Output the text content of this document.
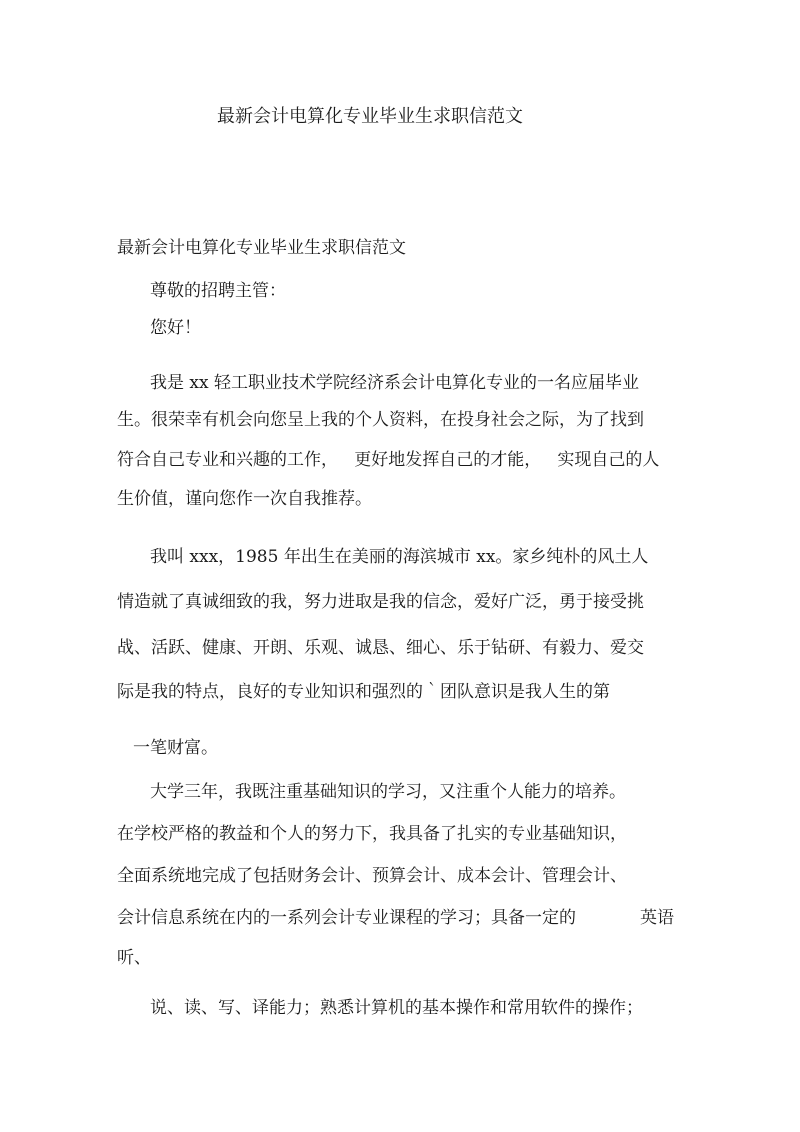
最新会计电算化专业毕业生求职信范文
最新会计电算化专业毕业生求职信范文
尊敬的招聘主管：
您好！
我是 xx 轻工职业技术学院经济系会计电算化专业的一名应届毕业
生。很荣幸有机会向您呈上我的个人资料，在投身社会之际，为了找到
符合自己专业和兴趣的工作，   更好地发挥自己的才能，   实现自己的人
生价值，谨向您作一次自我推荐。
我叫 xxx，1985 年出生在美丽的海滨城市 xx。家乡纯朴的风土人
情造就了真诚细致的我，努力进取是我的信念，爱好广泛，勇于接受挑
战、活跃、健康、开朗、乐观、诚恳、细心、乐于钻研、有毅力、爱交
际是我的特点，良好的专业知识和强烈的｀团队意识是我人生的第
一笔财富。
大学三年，我既注重基础知识的学习，又注重个人能力的培养。
在学校严格的教益和个人的努力下，我具备了扎实的专业基础知识，
全面系统地完成了包括财务会计、预算会计、成本会计、管理会计、
会计信息系统在内的一系列会计专业课程的学习；具备一定的	英语
听、
说、读、写、译能力；熟悉计算机的基本操作和常用软件的操作；
